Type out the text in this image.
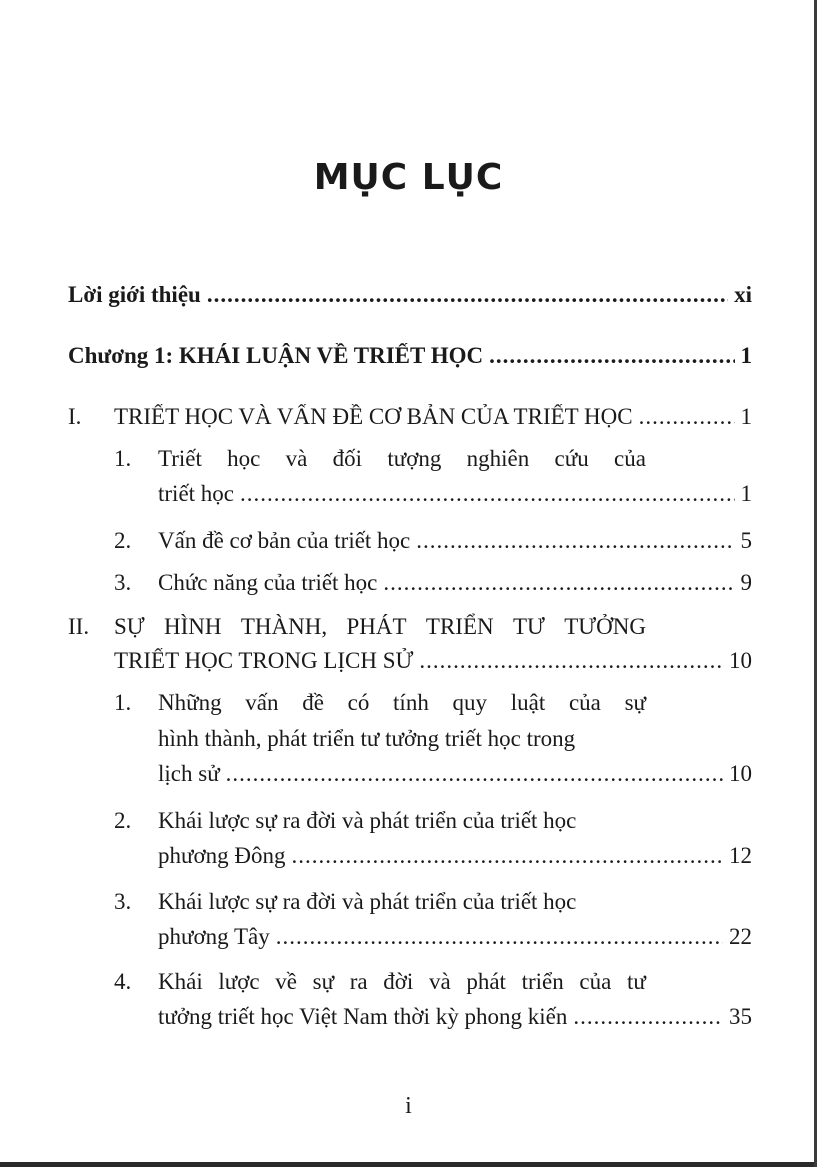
MỤC LỤC
Lời giới thiệu .....	xi
Chương 1: KHÁI LUẬN VỀ TRIẾT HỌC .....	1
I. TRIẾT HỌC VÀ VẤN ĐỀ CƠ BẢN CỦA TRIẾT HỌC .....	1
1. Triết học và đối tượng nghiên cứu của
triết học .....	1
2. Vấn đề cơ bản của triết học .....	5
3. Chức năng của triết học .....	9
II. SỰ HÌNH THÀNH, PHÁT TRIỂN TƯ TƯỞNG
TRIẾT HỌC TRONG LỊCH SỬ .....	10
1. Những vấn đề có tính quy luật của sự
hình thành, phát triển tư tưởng triết học trong
lịch sử .....	10
2. Khái lược sự ra đời và phát triển của triết học
phương Đông .....	12
3. Khái lược sự ra đời và phát triển của triết học
phương Tây .....	22
4. Khái lược về sự ra đời và phát triển của tư
tưởng triết học Việt Nam thời kỳ phong kiến .....	35
i
